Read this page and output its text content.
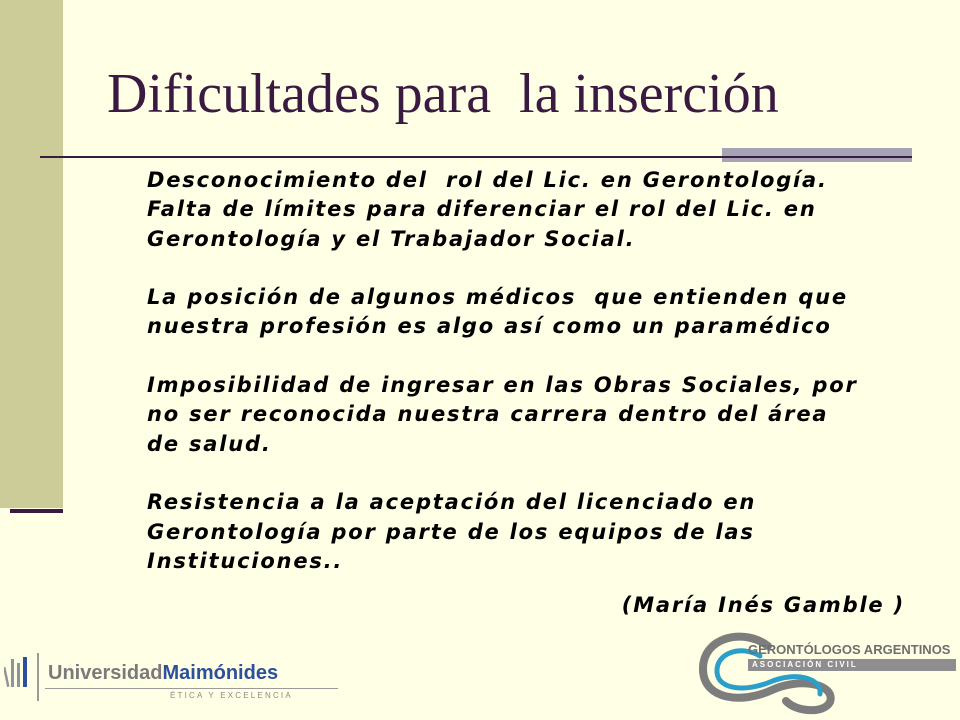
Dificultades para  la inserción
Desconocimiento del  rol del Lic. en Gerontología.
Falta de límites para diferenciar el rol del Lic. en
Gerontología y el Trabajador Social.
La posición de algunos médicos  que entienden que
nuestra profesión es algo así como un paramédico
Imposibilidad de ingresar en las Obras Sociales, por
no ser reconocida nuestra carrera dentro del área
de salud.
Resistencia a la aceptación del licenciado en
Gerontología por parte de los equipos de las
Instituciones..
(María Inés Gamble )
UniversidadMaimónides
ÉTICA Y EXCELENCIA
GERONTÓLOGOS ARGENTINOS
ASOCIACIÓN CIVIL
